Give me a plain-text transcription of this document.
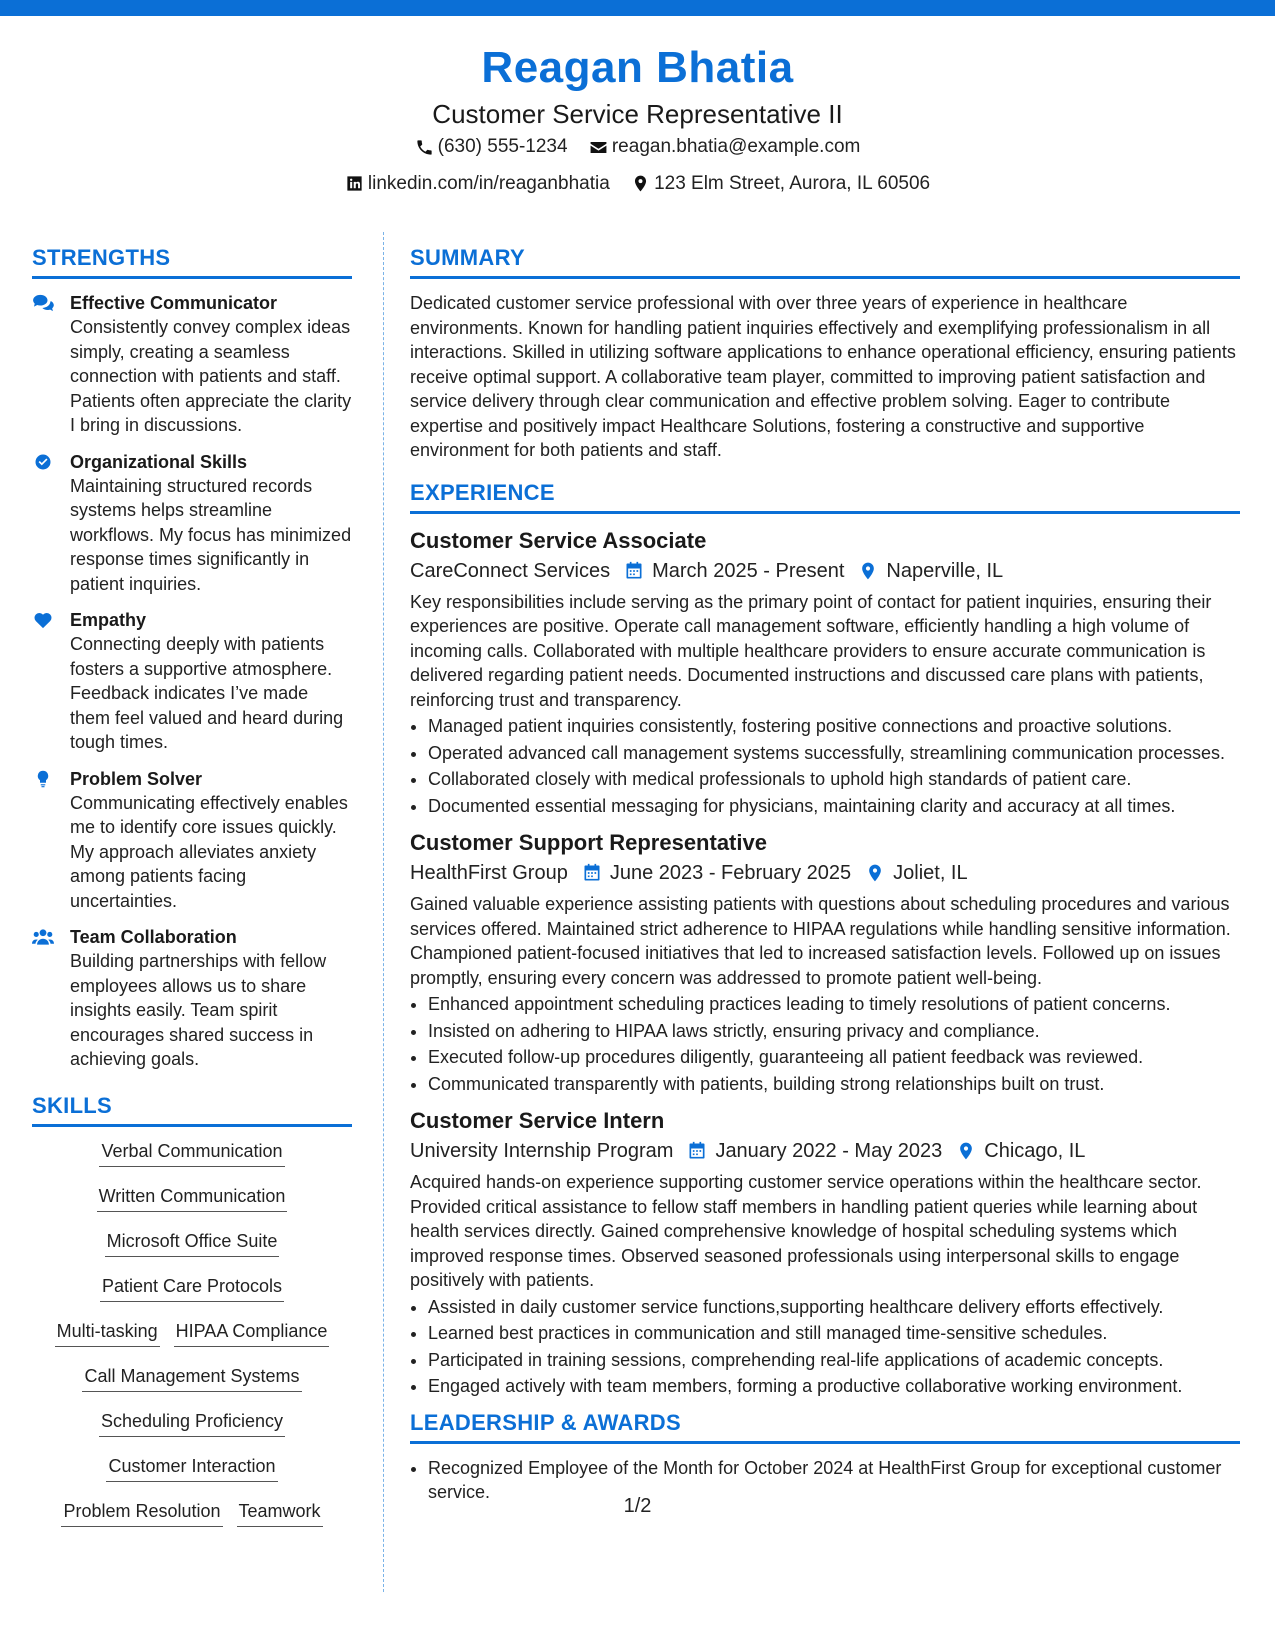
Reagan Bhatia
Customer Service Representative II
(630) 555-1234
reagan.bhatia@example.com
linkedin.com/in/reaganbhatia
123 Elm Street, Aurora, IL 60506
STRENGTHS
Effective Communicator
Consistently convey complex ideas simply, creating a seamless connection with patients and staff. Patients often appreciate the clarity I bring in discussions.
Organizational Skills
Maintaining structured records systems helps streamline workflows. My focus has minimized response times significantly in patient inquiries.
Empathy
Connecting deeply with patients fosters a supportive atmosphere. Feedback indicates I’ve made them feel valued and heard during tough times.
Problem Solver
Communicating effectively enables me to identify core issues quickly. My approach alleviates anxiety among patients facing uncertainties.
Team Collaboration
Building partnerships with fellow employees allows us to share insights easily. Team spirit encourages shared success in achieving goals.
SKILLS
Verbal Communication
Written Communication
Microsoft Office Suite
Patient Care Protocols
Multi-tasking HIPAA Compliance
Call Management Systems
Scheduling Proficiency
Customer Interaction
Problem Resolution Teamwork
SUMMARY
Dedicated customer service professional with over three years of experience in healthcare environments. Known for handling patient inquiries effectively and exemplifying professionalism in all interactions. Skilled in utilizing software applications to enhance operational efficiency, ensuring patients receive optimal support. A collaborative team player, committed to improving patient satisfaction and service delivery through clear communication and effective problem solving. Eager to contribute expertise and positively impact Healthcare Solutions, fostering a constructive and supportive environment for both patients and staff.
EXPERIENCE
Customer Service Associate
CareConnect Services March 2025 - Present Naperville, IL
Key responsibilities include serving as the primary point of contact for patient inquiries, ensuring their experiences are positive. Operate call management software, efficiently handling a high volume of incoming calls. Collaborated with multiple healthcare providers to ensure accurate communication is delivered regarding patient needs. Documented instructions and discussed care plans with patients, reinforcing trust and transparency.
• Managed patient inquiries consistently, fostering positive connections and proactive solutions.
• Operated advanced call management systems successfully, streamlining communication processes.
• Collaborated closely with medical professionals to uphold high standards of patient care.
• Documented essential messaging for physicians, maintaining clarity and accuracy at all times.
Customer Support Representative
HealthFirst Group June 2023 - February 2025 Joliet, IL
Gained valuable experience assisting patients with questions about scheduling procedures and various services offered. Maintained strict adherence to HIPAA regulations while handling sensitive information. Championed patient-focused initiatives that led to increased satisfaction levels. Followed up on issues promptly, ensuring every concern was addressed to promote patient well-being.
• Enhanced appointment scheduling practices leading to timely resolutions of patient concerns.
• Insisted on adhering to HIPAA laws strictly, ensuring privacy and compliance.
• Executed follow-up procedures diligently, guaranteeing all patient feedback was reviewed.
• Communicated transparently with patients, building strong relationships built on trust.
Customer Service Intern
University Internship Program January 2022 - May 2023 Chicago, IL
Acquired hands-on experience supporting customer service operations within the healthcare sector. Provided critical assistance to fellow staff members in handling patient queries while learning about health services directly. Gained comprehensive knowledge of hospital scheduling systems which improved response times. Observed seasoned professionals using interpersonal skills to engage positively with patients.
• Assisted in daily customer service functions,supporting healthcare delivery efforts effectively.
• Learned best practices in communication and still managed time-sensitive schedules.
• Participated in training sessions, comprehending real-life applications of academic concepts.
• Engaged actively with team members, forming a productive collaborative working environment.
LEADERSHIP & AWARDS
• Recognized Employee of the Month for October 2024 at HealthFirst Group for exceptional customer service.
1/2
